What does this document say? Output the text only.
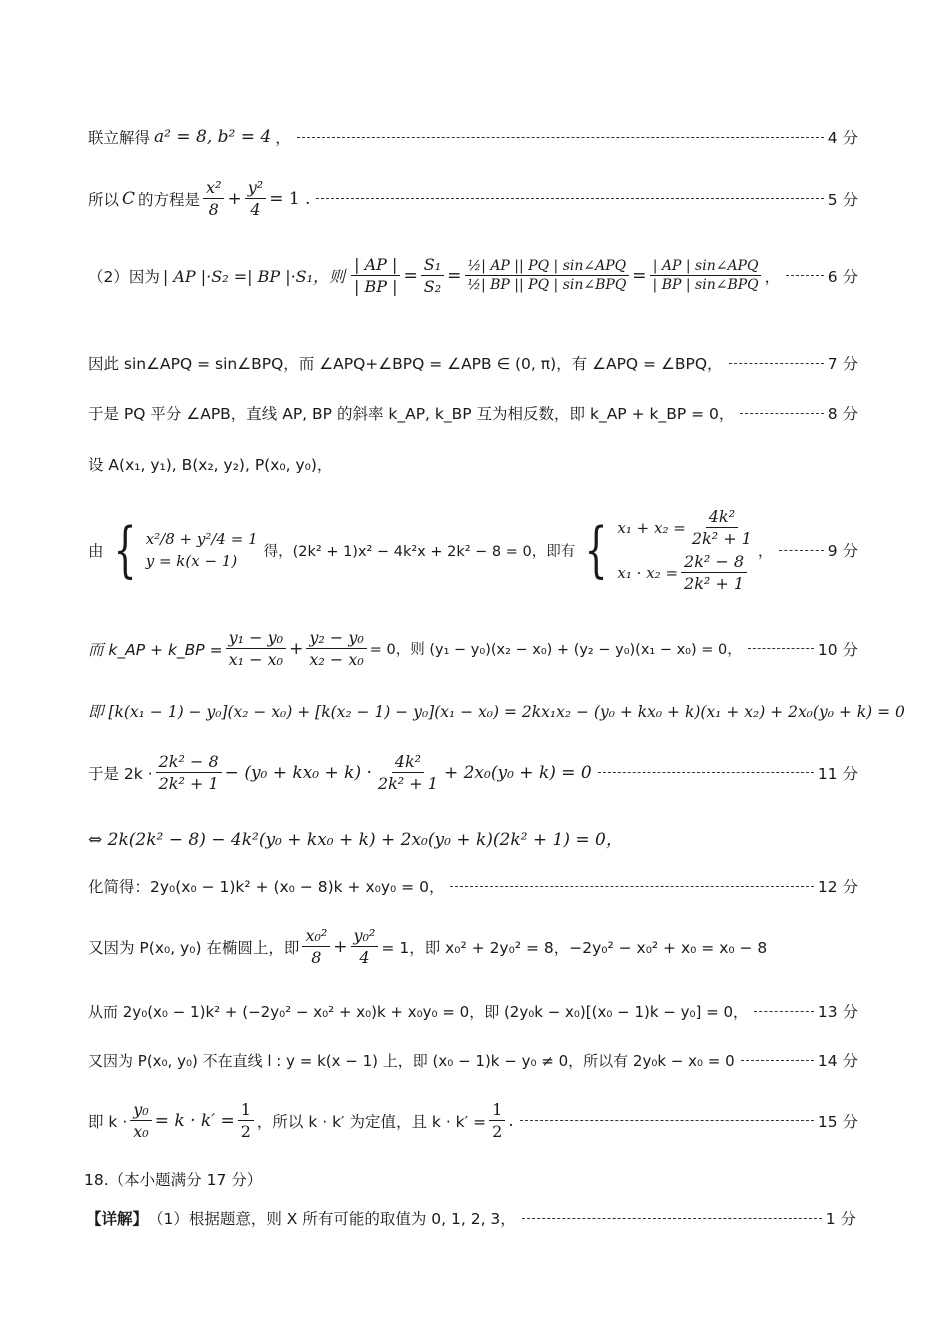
联立解得 a² = 8, b² = 4 ，	4 分
所以 C 的方程是 $\frac{\text{x²}}{8} + \frac{\text{y²}}{4} = 1$ .	5 分
（2）因为 | AP |·S₂ =| BP |·S₁，则 $\frac{| AP |}{| BP |} = \frac{\text{S₁}}{\text{S₂}} = \frac{\text{½| AP || PQ | sin∠APQ}}{\text{½| BP || PQ | sin∠BPQ}} = \frac{\text{| AP | sin∠APQ}}{\text{| BP | sin∠BPQ}}$ ，	6 分
因此 sin∠APQ = sin∠BPQ，而 ∠APQ+∠BPQ = ∠APB ∈ (0, π)，有 ∠APQ = ∠BPQ，	7 分
于是 PQ 平分 ∠APB，直线 AP, BP 的斜率 k_AP, k_BP 互为相反数，即 k_AP + k_BP = 0，	8 分
设 A(x₁, y₁), B(x₂, y₂), P(x₀, y₀)，
由 { x²/8 + y²/4 = 1
y = k(x − 1)
得，(2k² + 1)x² − 4k²x + 2k² − 8 = 0，即有 { $x_1 + x_2 = \frac{\text{4k²}}{\text{2k² + 1}}$
$x_1 \cdot x_2 = \frac{\text{2k² − 8}}{\text{2k² + 1}}$
，	9 分
而 k_AP + k_BP = $\frac{\text{y₁ − y₀}}{\text{x₁ − x₀}} + \frac{\text{y₂ − y₀}}{\text{x₂ − x₀}} = 0$，则 (y₁ − y₀)(x₂ − x₀) + (y₂ − y₀)(x₁ − x₀) = 0，	10 分
即 [k(x₁ − 1) − y₀](x₂ − x₀) + [k(x₂ − 1) − y₀](x₁ − x₀) = 2kx₁x₂ − (y₀ + kx₀ + k)(x₁ + x₂) + 2x₀(y₀ + k) = 0
于是 $2k \cdot \frac{\text{2k² − 8}}{\text{2k² + 1}} - (y_0 + kx_0 + k) \cdot \frac{\text{4k²}}{\text{2k² + 1}} + 2x_0(y_0 + k) = 0$	11 分
⇔ 2k(2k² − 8) − 4k²(y₀ + kx₀ + k) + 2x₀(y₀ + k)(2k² + 1) = 0，
化简得：2y₀(x₀ − 1)k² + (x₀ − 8)k + x₀y₀ = 0，	12 分
又因为 P(x₀, y₀) 在椭圆上，即 $\frac{\text{x₀²}}{8} + \frac{\text{y₀²}}{4} = 1$，即 x₀² + 2y₀² = 8，−2y₀² − x₀² + x₀ = x₀ − 8
从而 2y₀(x₀ − 1)k² + (−2y₀² − x₀² + x₀)k + x₀y₀ = 0，即 (2y₀k − x₀)[(x₀ − 1)k − y₀] = 0，	13 分
又因为 P(x₀, y₀) 不在直线 l : y = k(x − 1) 上，即 (x₀ − 1)k − y₀ ≠ 0，所以有 2y₀k − x₀ = 0	14 分
即 $k \cdot \frac{\text{y₀}}{\text{x₀}} = k \cdot k' = \frac{1}{2}$ ，所以 k · k′ 为定值，且 $k \cdot k' = \frac{1}{2}$ .	15 分
18.（本小题满分 17 分）
【详解】 （1）根据题意，则 X 所有可能的取值为 0, 1, 2, 3，	1 分
